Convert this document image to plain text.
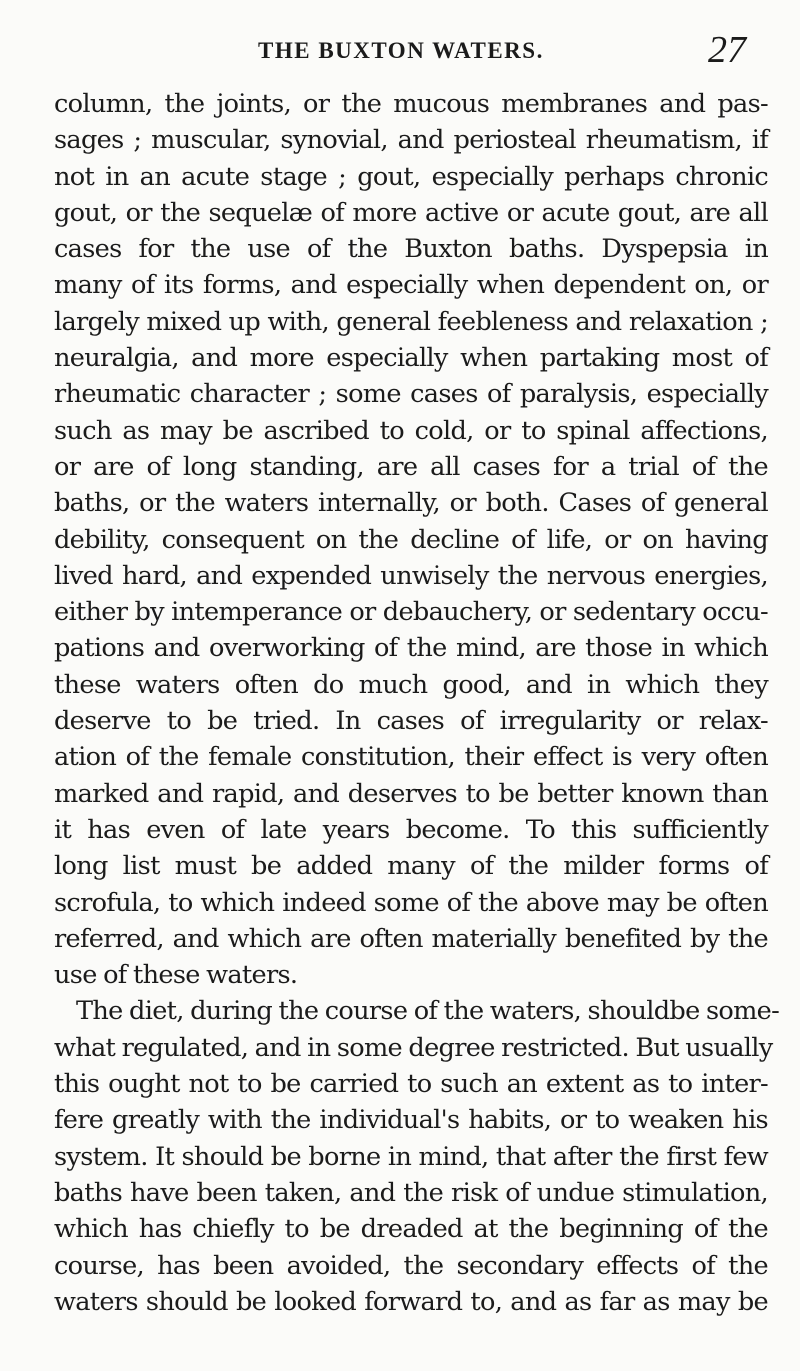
THE BUXTON WATERS.	27
column, the joints, or the mucous membranes and pas-
sages ; muscular, synovial, and periosteal rheumatism, if
not in an acute stage ; gout, especially perhaps chronic
gout, or the sequelæ of more active or acute gout, are all
cases for the use of the Buxton baths. Dyspepsia in
many of its forms, and especially when dependent on, or
largely mixed up with, general feebleness and relaxation ;
neuralgia, and more especially when partaking most of
rheumatic character ; some cases of paralysis, especially
such as may be ascribed to cold, or to spinal affections,
or are of long standing, are all cases for a trial of the
baths, or the waters internally, or both. Cases of general
debility, consequent on the decline of life, or on having
lived hard, and expended unwisely the nervous energies,
either by intemperance or debauchery, or sedentary occu-
pations and overworking of the mind, are those in which
these waters often do much good, and in which they
deserve to be tried. In cases of irregularity or relax-
ation of the female constitution, their effect is very often
marked and rapid, and deserves to be better known than
it has even of late years become. To this sufficiently
long list must be added many of the milder forms of
scrofula, to which indeed some of the above may be often
referred, and which are often materially benefited by the
use of these waters.
The diet, during the course of the waters, shouldbe some-
what regulated, and in some degree restricted. But usually
this ought not to be carried to such an extent as to inter-
fere greatly with the individual's habits, or to weaken his
system. It should be borne in mind, that after the first few
baths have been taken, and the risk of undue stimulation,
which has chiefly to be dreaded at the beginning of the
course, has been avoided, the secondary effects of the
waters should be looked forward to, and as far as may be
